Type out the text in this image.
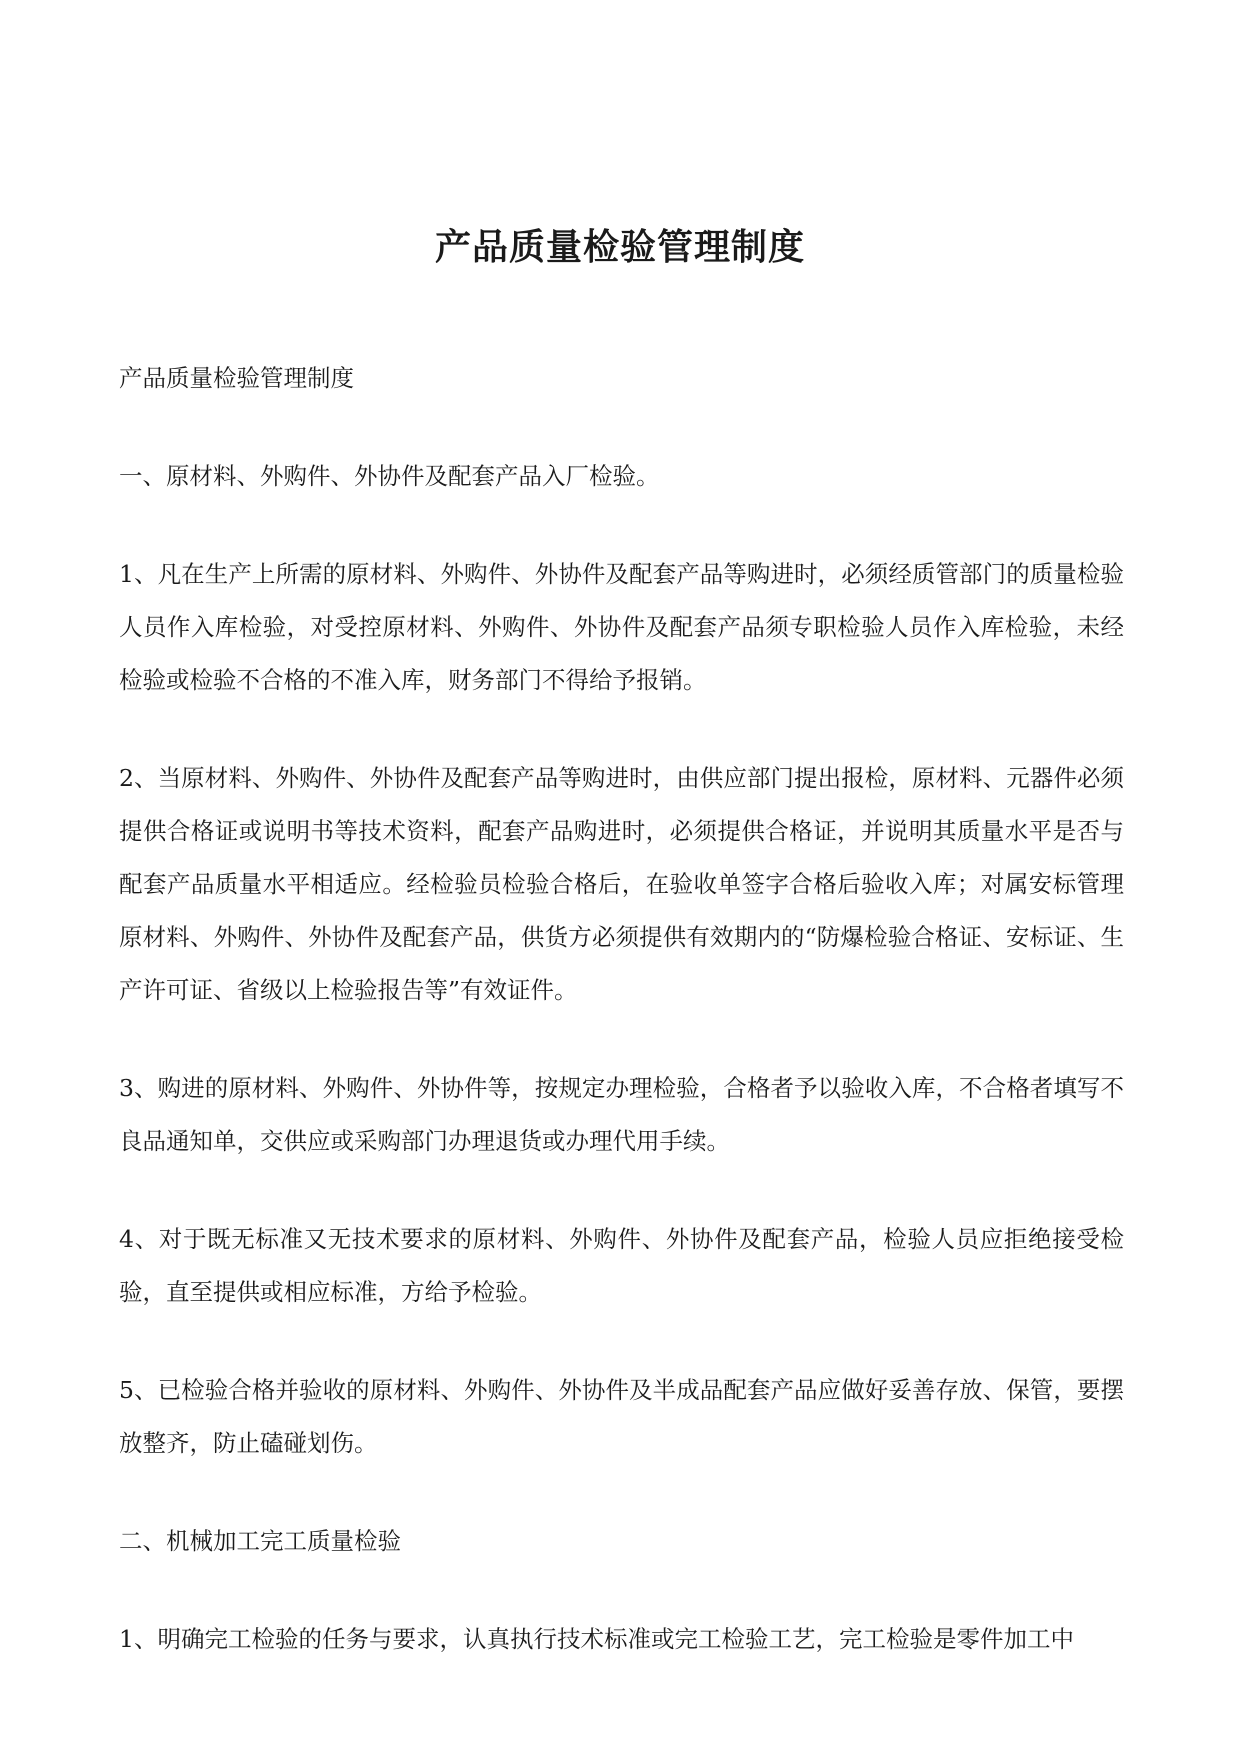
产品质量检验管理制度

产品质量检验管理制度

一、原材料、外购件、外协件及配套产品入厂检验。

1、凡在生产上所需的原材料、外购件、外协件及配套产品等购进时，必须经质管部门的质量检验人员作入库检验，对受控原材料、外购件、外协件及配套产品须专职检验人员作入库检验，未经检验或检验不合格的不准入库，财务部门不得给予报销。

2、当原材料、外购件、外协件及配套产品等购进时，由供应部门提出报检，原材料、元器件必须提供合格证或说明书等技术资料，配套产品购进时，必须提供合格证，并说明其质量水平是否与配套产品质量水平相适应。经检验员检验合格后，在验收单签字合格后验收入库；对属安标管理原材料、外购件、外协件及配套产品，供货方必须提供有效期内的“防爆检验合格证、安标证、生产许可证、省级以上检验报告等”有效证件。

3、购进的原材料、外购件、外协件等，按规定办理检验，合格者予以验收入库，不合格者填写不良品通知单，交供应或采购部门办理退货或办理代用手续。

4、对于既无标准又无技术要求的原材料、外购件、外协件及配套产品，检验人员应拒绝接受检验，直至提供或相应标准，方给予检验。

5、已检验合格并验收的原材料、外购件、外协件及半成品配套产品应做好妥善存放、保管，要摆放整齐，防止磕碰划伤。

二、机械加工完工质量检验

1、明确完工检验的任务与要求，认真执行技术标准或完工检验工艺，完工检验是零件加工中
